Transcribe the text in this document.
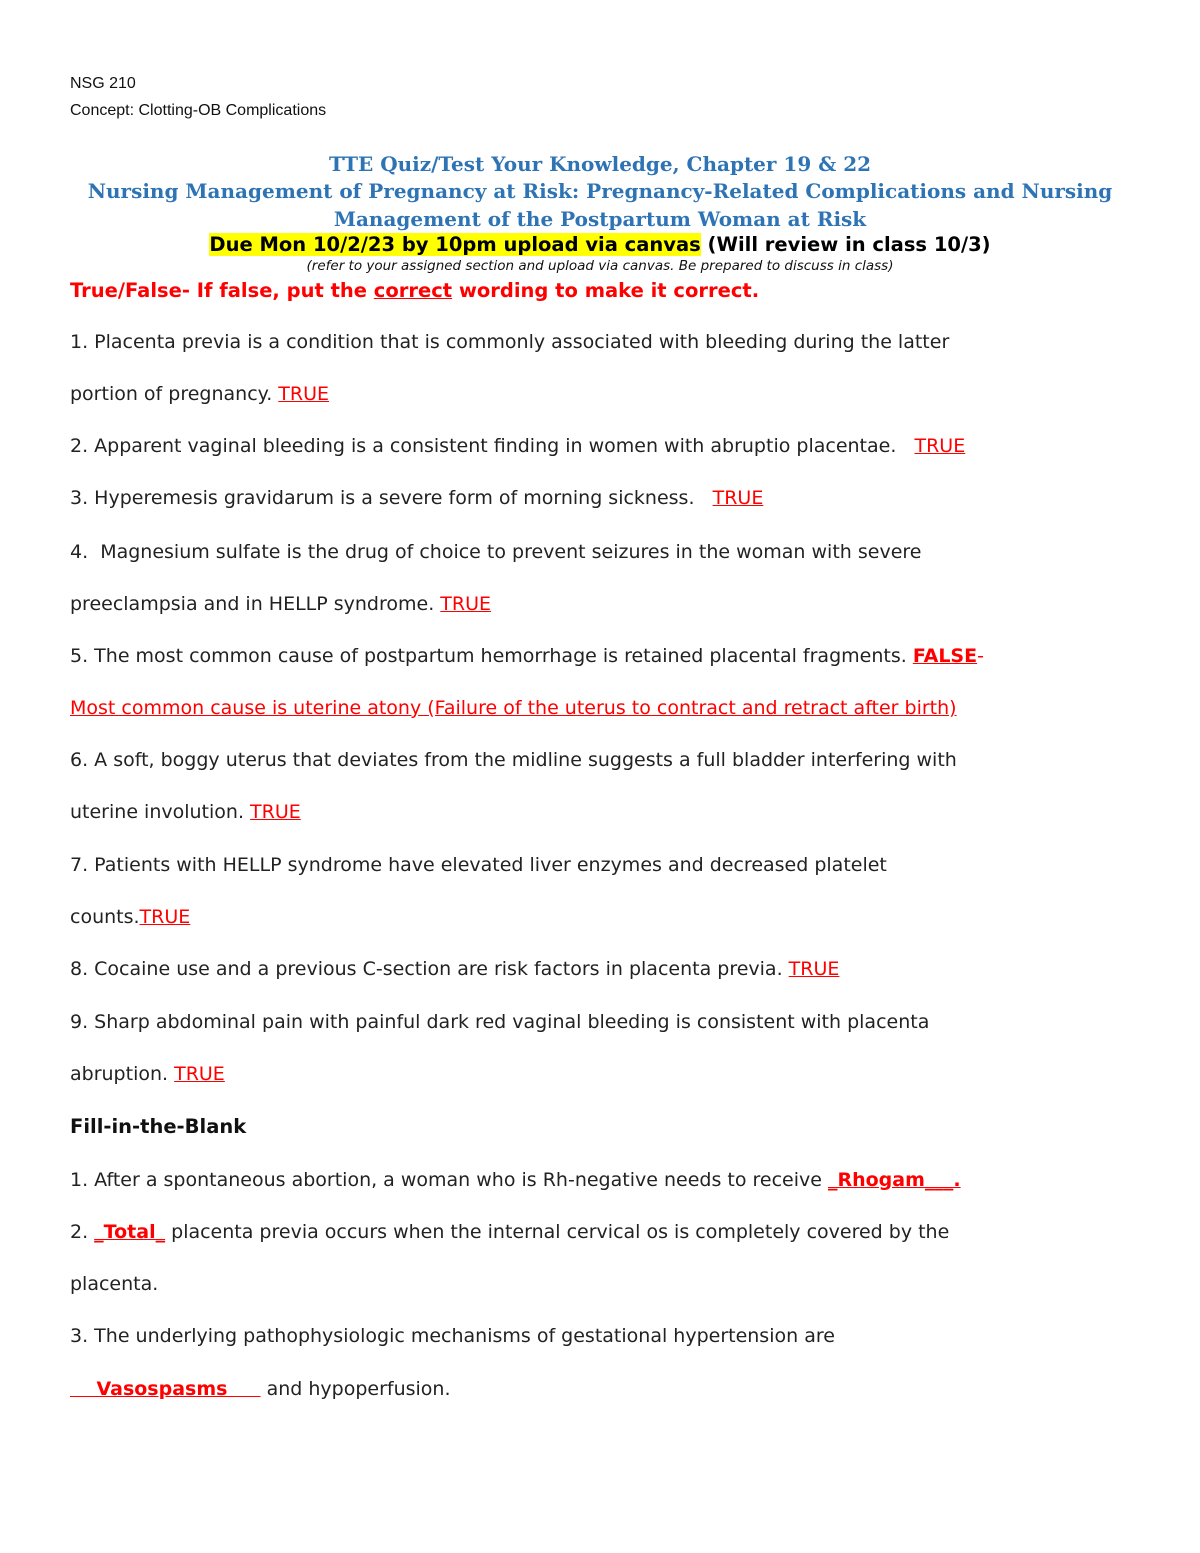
NSG 210
Concept: Clotting-OB Complications
TTE Quiz/Test Your Knowledge, Chapter 19 & 22
Nursing Management of Pregnancy at Risk: Pregnancy-Related Complications and Nursing
Management of the Postpartum Woman at Risk
Due Mon 10/2/23 by 10pm upload via canvas (Will review in class 10/3)
(refer to your assigned section and upload via canvas. Be prepared to discuss in class)
True/False- If false, put the correct wording to make it correct.
1. Placenta previa is a condition that is commonly associated with bleeding during the latter
portion of pregnancy. TRUE
2. Apparent vaginal bleeding is a consistent finding in women with abruptio placentae.   TRUE
3. Hyperemesis gravidarum is a severe form of morning sickness.   TRUE
4.  Magnesium sulfate is the drug of choice to prevent seizures in the woman with severe
preeclampsia and in HELLP syndrome. TRUE
5. The most common cause of postpartum hemorrhage is retained placental fragments. FALSE-
Most common cause is uterine atony (Failure of the uterus to contract and retract after birth)
6. A soft, boggy uterus that deviates from the midline suggests a full bladder interfering with
uterine involution. TRUE
7. Patients with HELLP syndrome have elevated liver enzymes and decreased platelet
counts.TRUE
8. Cocaine use and a previous C-section are risk factors in placenta previa. TRUE
9. Sharp abdominal pain with painful dark red vaginal bleeding is consistent with placenta
abruption. TRUE
Fill-in-the-Blank
1. After a spontaneous abortion, a woman who is Rh-negative needs to receive _Rhogam___.
2. _Total_ placenta previa occurs when the internal cervical os is completely covered by the
placenta.
3. The underlying pathophysiologic mechanisms of gestational hypertension are
Vasospasms      and hypoperfusion.
